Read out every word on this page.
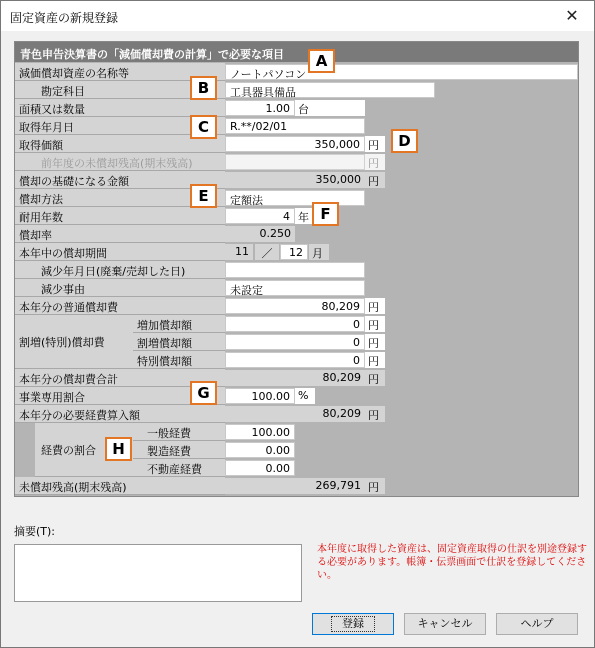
固定資産の新規登録	✕
青色申告決算書の「減価償却費の計算」で必要な項目
減価償却資産の名称等	ノートパソコン
勘定科目	工具器具備品
面積又は数量	1.00 台
取得年月日	R.**/02/01
取得価額	350,000 円
前年度の未償却残高(期末残高)	円
償却の基礎になる金額	350,000 円
償却方法	定額法
耐用年数	4 年
償却率	0.250
本年中の償却期間	11	／	12 月
減少年月日(廃棄/売却した日)
減少事由	未設定
本年分の普通償却費	80,209 円
割増(特別)償却費
増加償却額	0 円
割増償却額	0 円
特別償却額	0 円
本年分の償却費合計	80,209 円
事業専用割合	100.00 %
本年分の必要経費算入額	80,209 円
経費の割合
一般経費	100.00
製造経費	0.00
不動産経費	0.00
未償却残高(期末残高)	269,791 円
A
B
C
D
E
F
G
H
摘要(T):
本年度に取得した資産は、固定資産取得の仕訳を別途登録する必要があります。帳簿・伝票画面で仕訳を登録してください。
登録	キャンセル	ヘルプ
